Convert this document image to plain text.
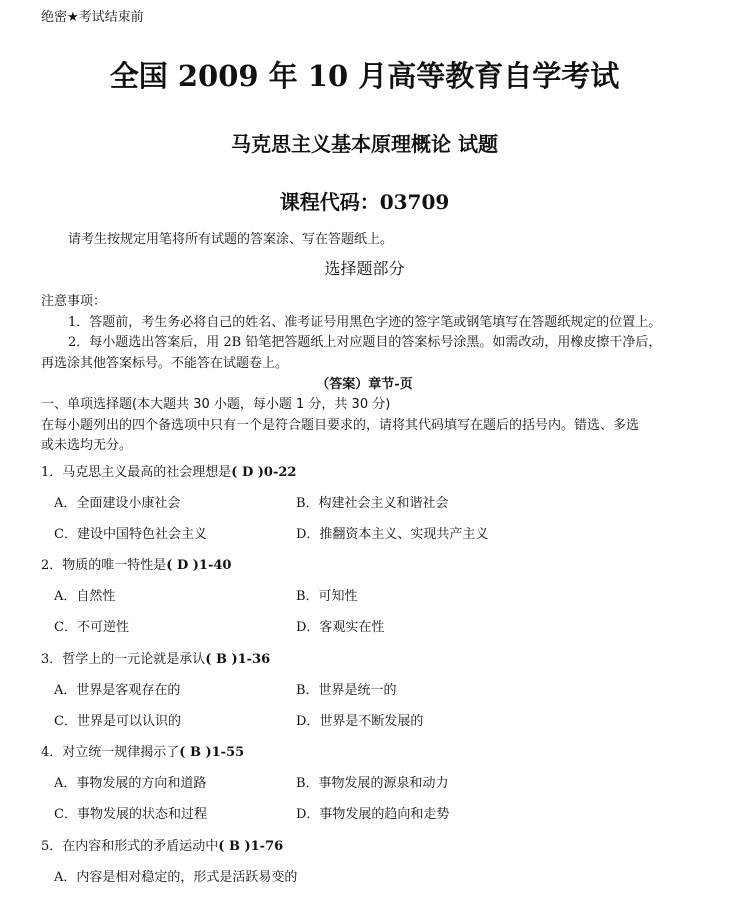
绝密★考试结束前
全国 2009 年 10 月高等教育自学考试
马克思主义基本原理概论 试题
课程代码：03709
请考生按规定用笔将所有试题的答案涂、写在答题纸上。
选择题部分
注意事项：
1．答题前，考生务必将自己的姓名、准考证号用黑色字迹的签字笔或钢笔填写在答题纸规定的位置上。
2．每小题选出答案后，用 2B 铅笔把答题纸上对应题目的答案标号涂黑。如需改动，用橡皮擦干净后，
再选涂其他答案标号。不能答在试题卷上。
（答案）章节-页
一、单项选择题(本大题共 30 小题，每小题 1 分，共 30 分)
在每小题列出的四个备选项中只有一个是符合题目要求的，请将其代码填写在题后的括号内。错选、多选
或未选均无分。
1．马克思主义最高的社会理想是( D )0-22
A．全面建设小康社会	B．构建社会主义和谐社会
C．建设中国特色社会主义	D．推翻资本主义、实现共产主义
2．物质的唯一特性是( D )1-40
A．自然性	B．可知性
C．不可逆性	D．客观实在性
3．哲学上的一元论就是承认( B )1-36
A．世界是客观存在的	B．世界是统一的
C．世界是可以认识的	D．世界是不断发展的
4．对立统一规律揭示了( B )1-55
A．事物发展的方向和道路	B．事物发展的源泉和动力
C．事物发展的状态和过程	D．事物发展的趋向和走势
5．在内容和形式的矛盾运动中( B )1-76
A．内容是相对稳定的，形式是活跃易变的
